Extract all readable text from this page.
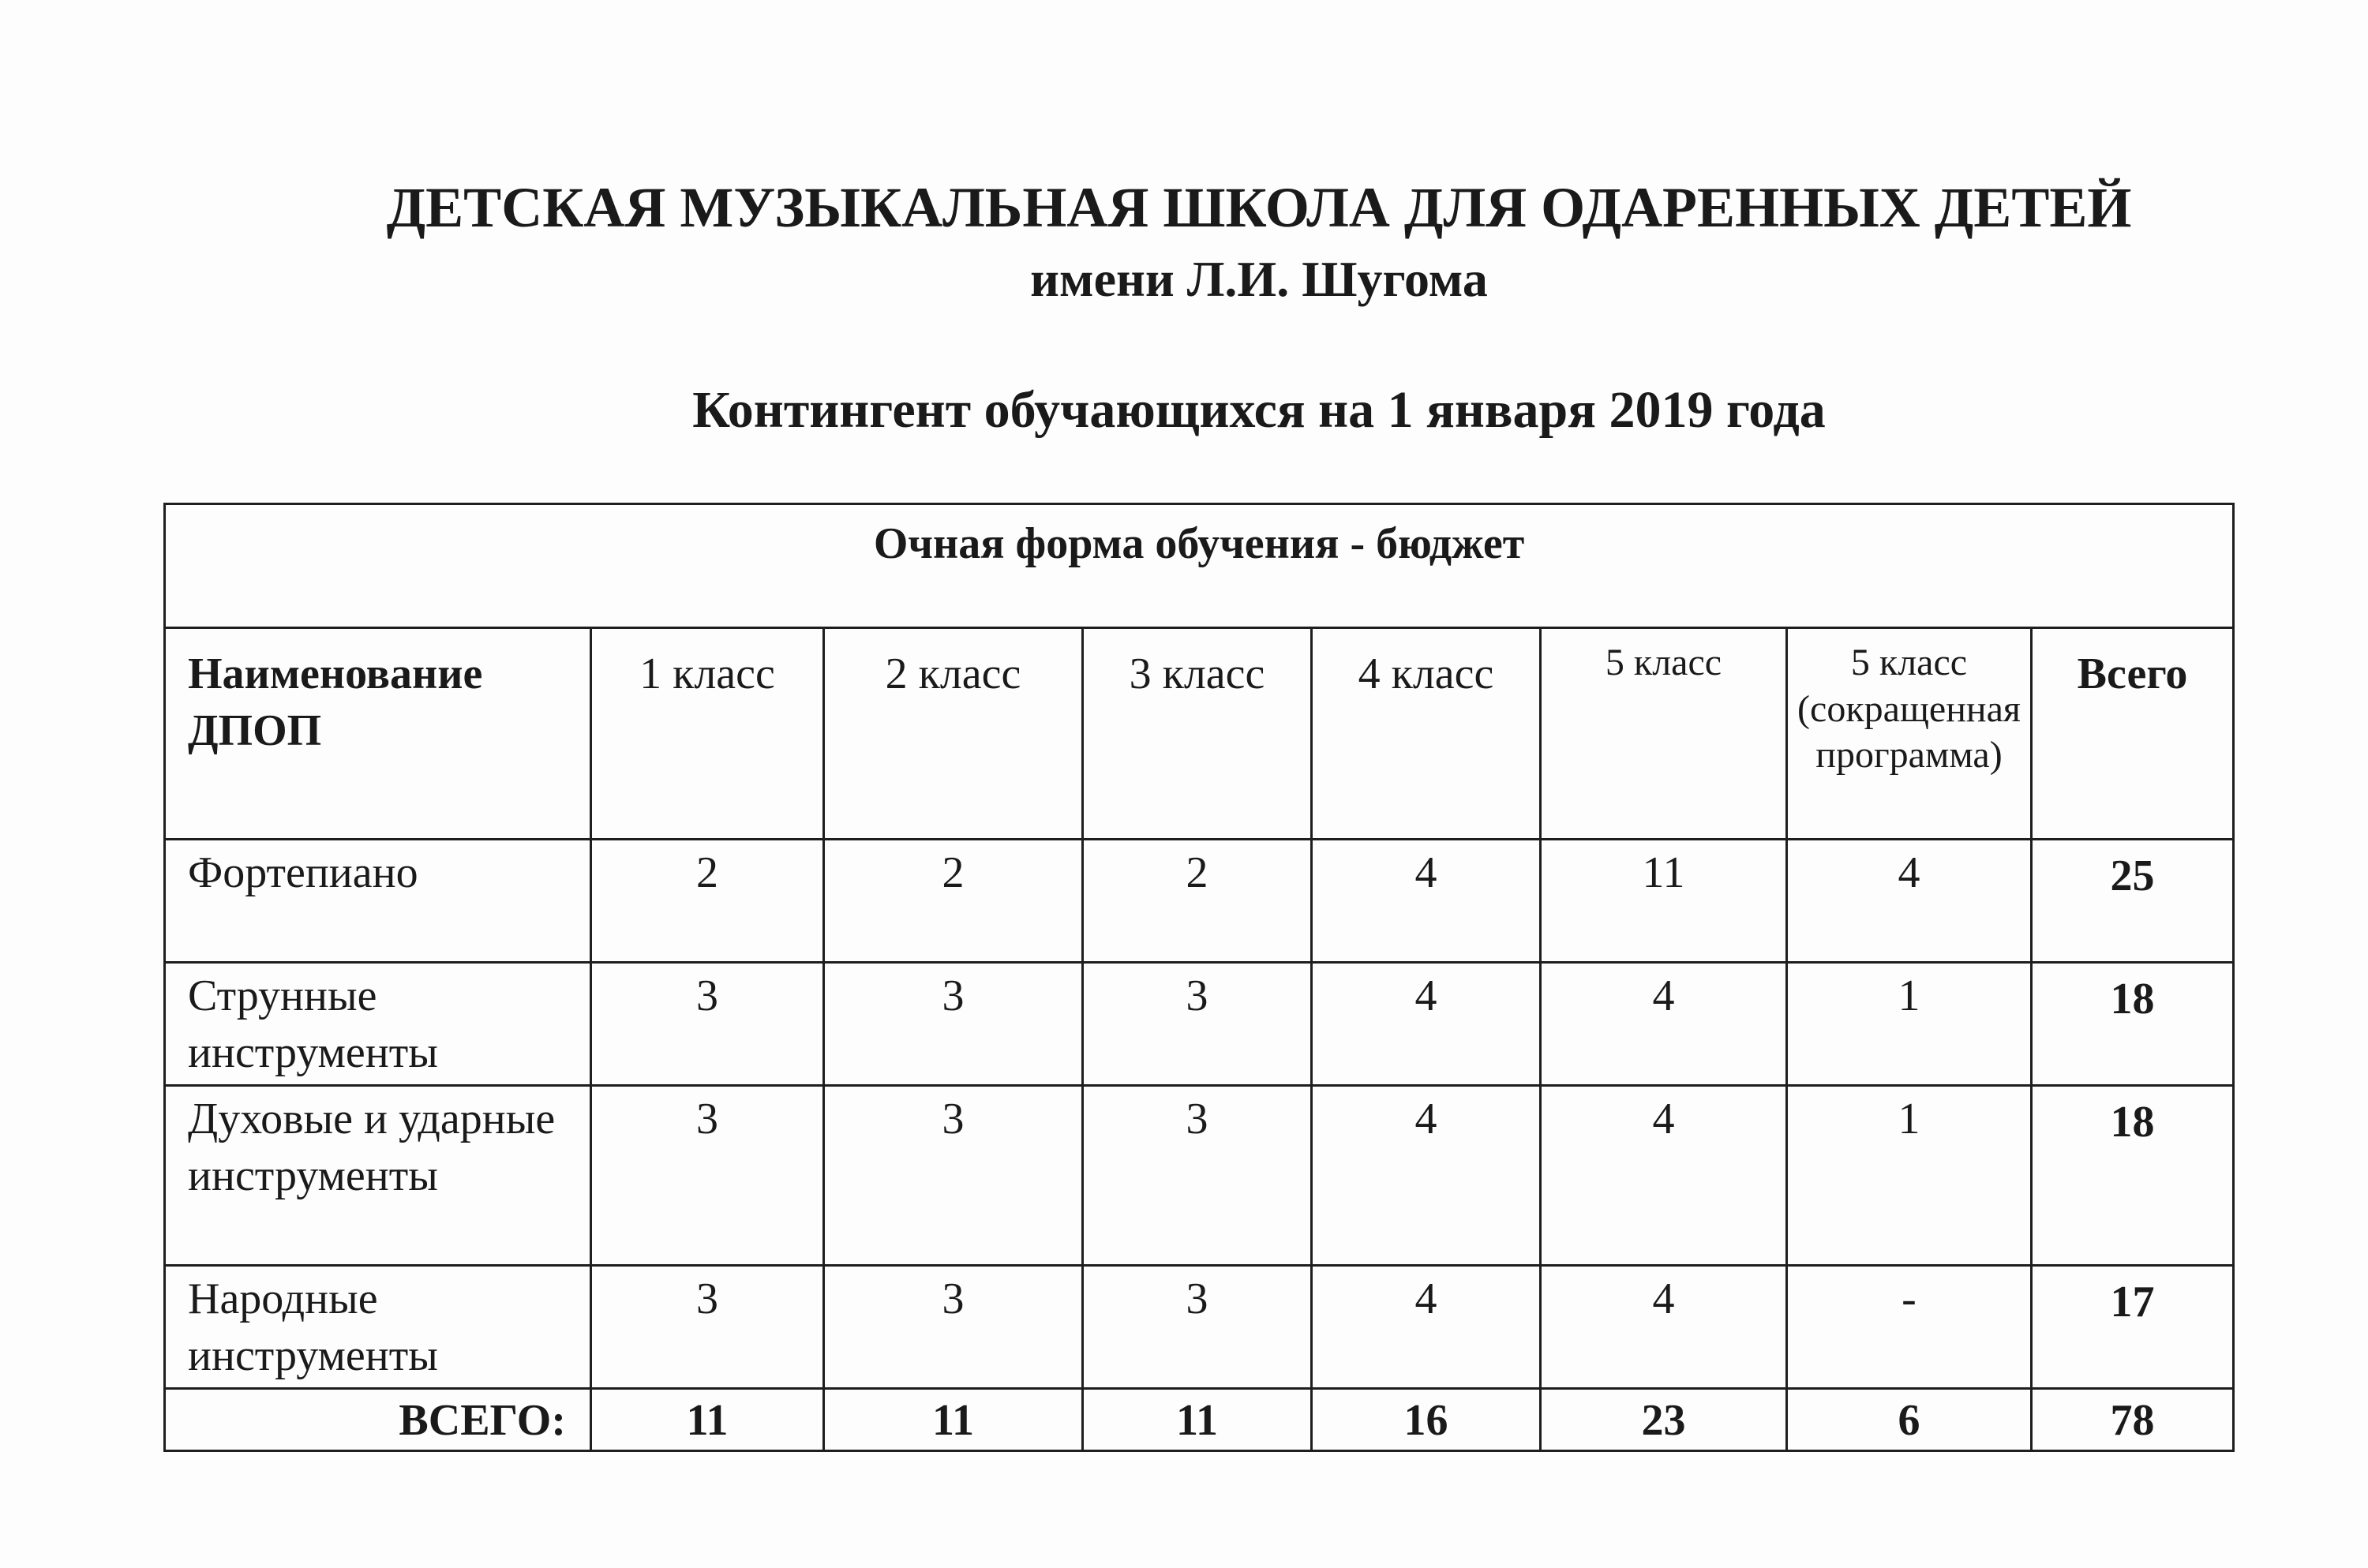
ДЕТСКАЯ МУЗЫКАЛЬНАЯ ШКОЛА ДЛЯ ОДАРЕННЫХ ДЕТЕЙ
имени Л.И. Шугома
Контингент обучающихся на 1 января 2019 года
Очная форма обучения - бюджет							
Наименование ДПОП	1 класс	2 класс	3 класс	4 класс	5 класс	5 класс (сокращенная программа)	Всего
Фортепиано	2	2	2	4	11	4	25
Струнные инструменты	3	3	3	4	4	1	18
Духовые и ударные инструменты	3	3	3	4	4	1	18
Народные инструменты	3	3	3	4	4	-	17
ВСЕГО:	11	11	11	16	23	6	78
